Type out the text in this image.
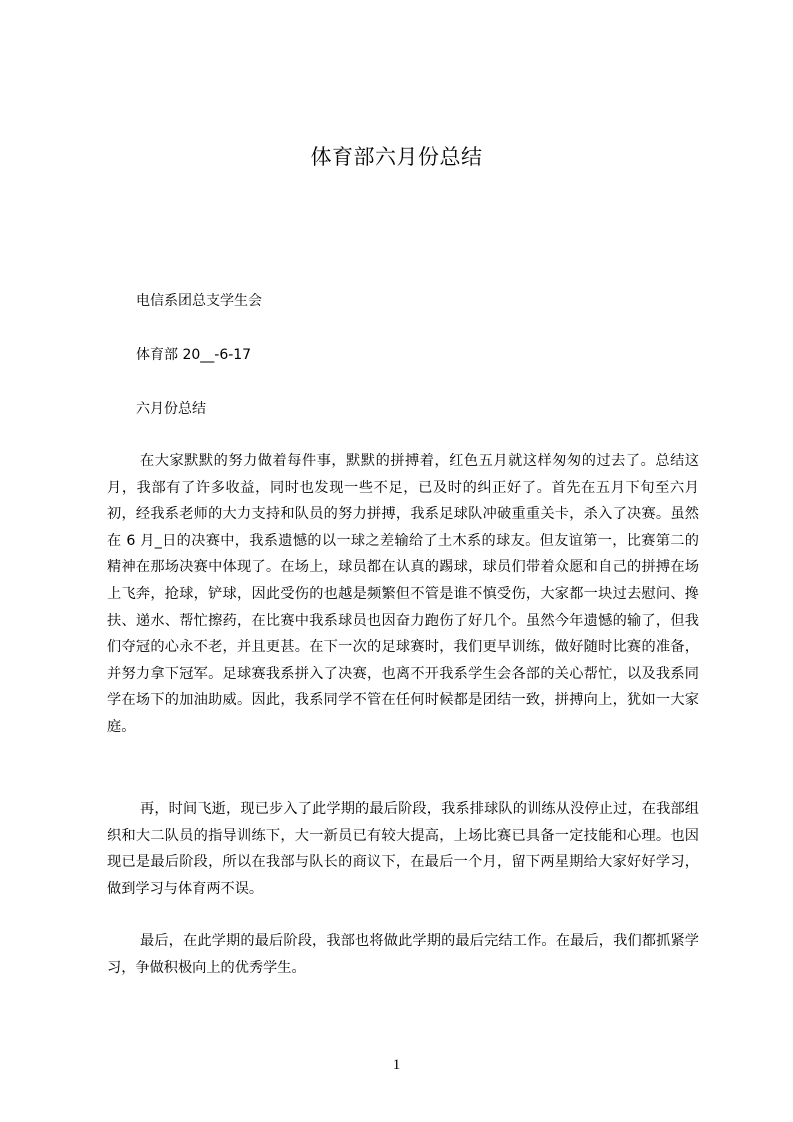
体育部六月份总结
电信系团总支学生会
体育部 20__-6-17
六月份总结

在大家默默的努力做着每件事，默默的拼搏着，红色五月就这样匆匆的过去了。总结这月，我部有了许多收益，同时也发现一些不足，已及时的纠正好了。首先在五月下旬至六月初，经我系老师的大力支持和队员的努力拼搏，我系足球队冲破重重关卡，杀入了决赛。虽然在 6 月_日的决赛中，我系遗憾的以一球之差输给了土木系的球友。但友谊第一，比赛第二的精神在那场决赛中体现了。在场上，球员都在认真的踢球，球员们带着众愿和自己的拼搏在场上飞奔，抢球，铲球，因此受伤的也越是频繁但不管是谁不慎受伤，大家都一块过去慰问、搀扶、递水、帮忙擦药，在比赛中我系球员也因奋力跑伤了好几个。虽然今年遗憾的输了，但我们夺冠的心永不老，并且更甚。在下一次的足球赛时，我们更早训练，做好随时比赛的准备，并努力拿下冠军。足球赛我系拼入了决赛，也离不开我系学生会各部的关心帮忙，以及我系同学在场下的加油助威。因此，我系同学不管在任何时候都是团结一致，拼搏向上，犹如一大家庭。

再，时间飞逝，现已步入了此学期的最后阶段，我系排球队的训练从没停止过，在我部组织和大二队员的指导训练下，大一新员已有较大提高，上场比赛已具备一定技能和心理。也因现已是最后阶段，所以在我部与队长的商议下，在最后一个月，留下两星期给大家好好学习，做到学习与体育两不误。

最后，在此学期的最后阶段，我部也将做此学期的最后完结工作。在最后，我们都抓紧学习，争做积极向上的优秀学生。

1
